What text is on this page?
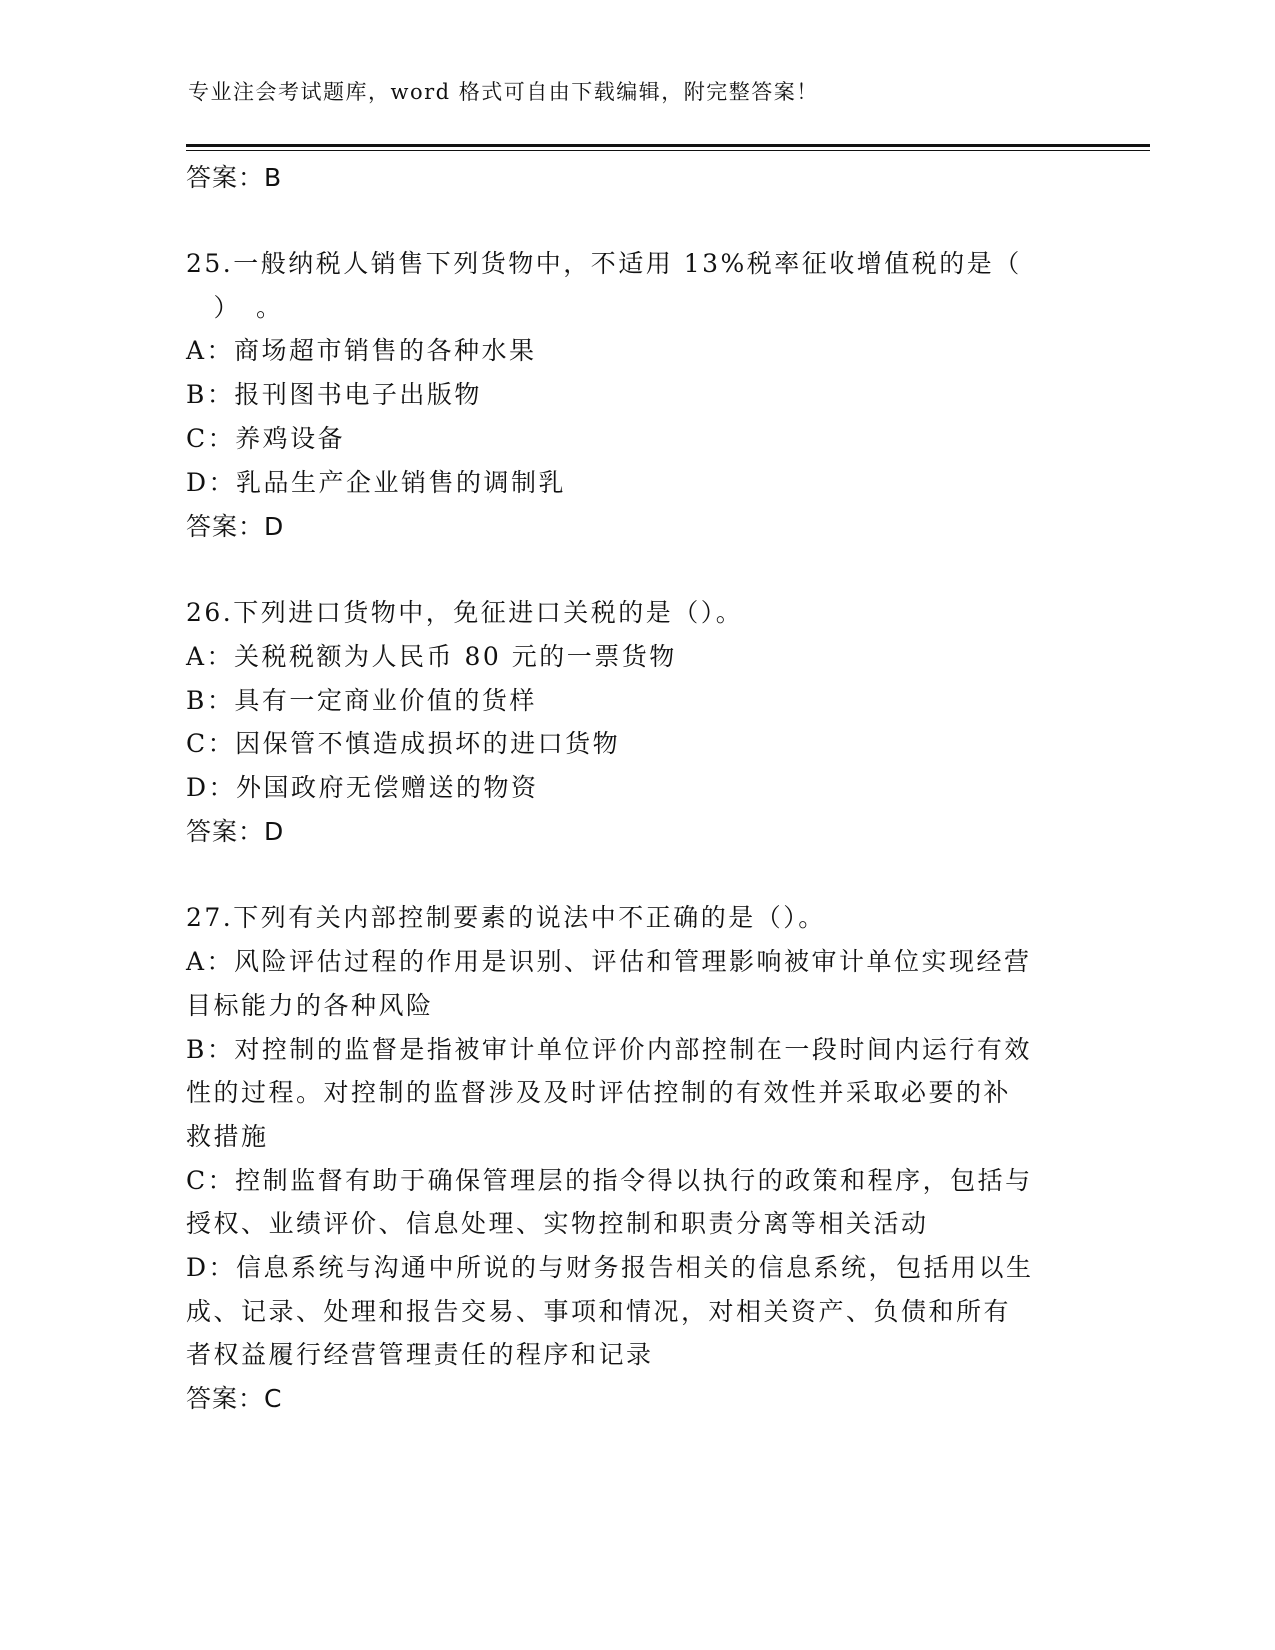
专业注会考试题库，word 格式可自由下载编辑，附完整答案！
答案：B
25.一般纳税人销售下列货物中，不适用 13%税率征收增值税的是（
　）　。
A：商场超市销售的各种水果
B：报刊图书电子出版物
C：养鸡设备
D：乳品生产企业销售的调制乳
答案：D
26.下列进口货物中，免征进口关税的是（）。
A：关税税额为人民币 80 元的一票货物
B：具有一定商业价值的货样
C：因保管不慎造成损坏的进口货物
D：外国政府无偿赠送的物资
答案：D
27.下列有关内部控制要素的说法中不正确的是（）。
A：风险评估过程的作用是识别、评估和管理影响被审计单位实现经营
目标能力的各种风险
B：对控制的监督是指被审计单位评价内部控制在一段时间内运行有效
性的过程。对控制的监督涉及及时评估控制的有效性并采取必要的补
救措施
C：控制监督有助于确保管理层的指令得以执行的政策和程序，包括与
授权、业绩评价、信息处理、实物控制和职责分离等相关活动
D：信息系统与沟通中所说的与财务报告相关的信息系统，包括用以生
成、记录、处理和报告交易、事项和情况，对相关资产、负债和所有
者权益履行经营管理责任的程序和记录
答案：C
